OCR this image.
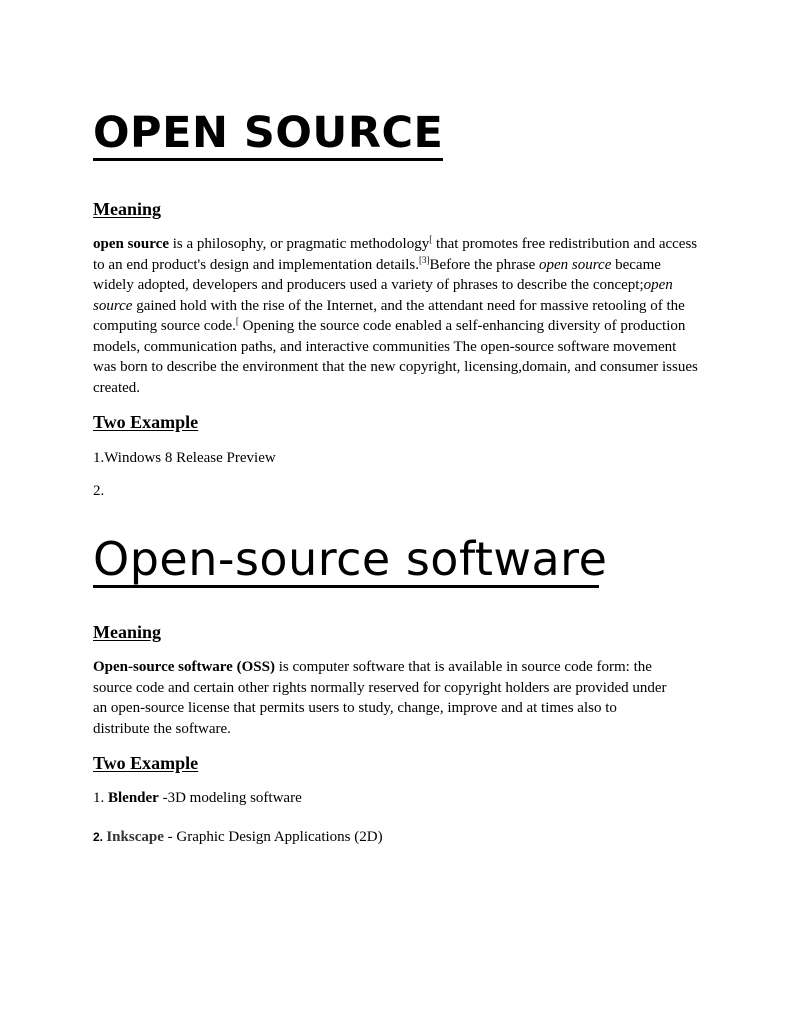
OPEN SOURCE
Meaning
open source is a philosophy, or pragmatic methodology[ that promotes free redistribution and access to an end product's design and implementation details.[3]Before the phrase open source became widely adopted, developers and producers used a variety of phrases to describe the concept;open source gained hold with the rise of the Internet, and the attendant need for massive retooling of the computing source code.[ Opening the source code enabled a self-enhancing diversity of production models, communication paths, and interactive communities The open-source software movement was born to describe the environment that the new copyright, licensing,domain, and consumer issues created.
Two Example
1.Windows 8 Release Preview
2.
Open-source software
Meaning
Open-source software (OSS) is computer software that is available in source code form: the source code and certain other rights normally reserved for copyright holders are provided under an open-source license that permits users to study, change, improve and at times also to distribute the software.
Two Example
1. Blender -3D modeling software
2. Inkscape - Graphic Design Applications (2D)
